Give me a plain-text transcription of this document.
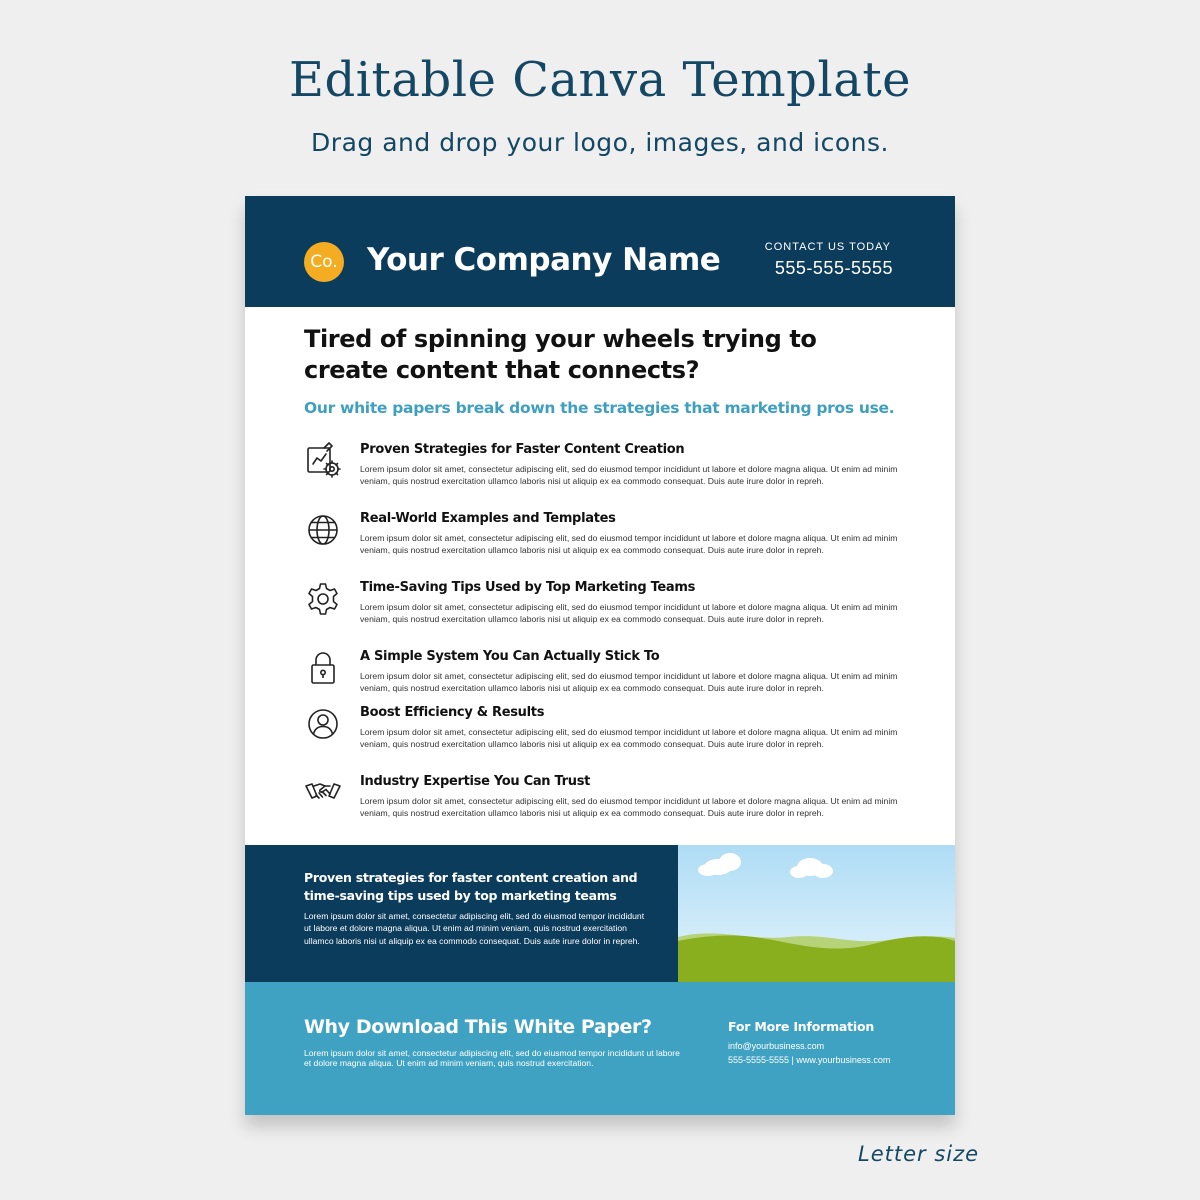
Editable Canva Template
Drag and drop your logo, images, and icons.
Co. Your Company Name	CONTACT US TODAY
555-555-5555
Tired of spinning your wheels trying to create content that connects?
Our white papers break down the strategies that marketing pros use.
Proven Strategies for Faster Content Creation
Lorem ipsum dolor sit amet, consectetur adipiscing elit, sed do eiusmod tempor incididunt ut labore et dolore magna aliqua. Ut enim ad minim veniam, quis nostrud exercitation ullamco laboris nisi ut aliquip ex ea commodo consequat. Duis aute irure dolor in repreh.
Real-World Examples and Templates
Lorem ipsum dolor sit amet, consectetur adipiscing elit, sed do eiusmod tempor incididunt ut labore et dolore magna aliqua. Ut enim ad minim veniam, quis nostrud exercitation ullamco laboris nisi ut aliquip ex ea commodo consequat. Duis aute irure dolor in repreh.
Time-Saving Tips Used by Top Marketing Teams
Lorem ipsum dolor sit amet, consectetur adipiscing elit, sed do eiusmod tempor incididunt ut labore et dolore magna aliqua. Ut enim ad minim veniam, quis nostrud exercitation ullamco laboris nisi ut aliquip ex ea commodo consequat. Duis aute irure dolor in repreh.
A Simple System You Can Actually Stick To
Lorem ipsum dolor sit amet, consectetur adipiscing elit, sed do eiusmod tempor incididunt ut labore et dolore magna aliqua. Ut enim ad minim veniam, quis nostrud exercitation ullamco laboris nisi ut aliquip ex ea commodo consequat. Duis aute irure dolor in repreh.
Boost Efficiency & Results
Lorem ipsum dolor sit amet, consectetur adipiscing elit, sed do eiusmod tempor incididunt ut labore et dolore magna aliqua. Ut enim ad minim veniam, quis nostrud exercitation ullamco laboris nisi ut aliquip ex ea commodo consequat. Duis aute irure dolor in repreh.
Industry Expertise You Can Trust
Lorem ipsum dolor sit amet, consectetur adipiscing elit, sed do eiusmod tempor incididunt ut labore et dolore magna aliqua. Ut enim ad minim veniam, quis nostrud exercitation ullamco laboris nisi ut aliquip ex ea commodo consequat. Duis aute irure dolor in repreh.
Proven strategies for faster content creation and time-saving tips used by top marketing teams
Lorem ipsum dolor sit amet, consectetur adipiscing elit, sed do eiusmod tempor incididunt ut labore et dolore magna aliqua. Ut enim ad minim veniam, quis nostrud exercitation ullamco laboris nisi ut aliquip ex ea commodo consequat. Duis aute irure dolor in repreh.
Why Download This White Paper?
Lorem ipsum dolor sit amet, consectetur adipiscing elit, sed do eiusmod tempor incididunt ut labore et dolore magna aliqua. Ut enim ad minim veniam, quis nostrud exercitation.
For More Information
info@yourbusiness.com
555-5555-5555 | www.yourbusiness.com
Letter size
